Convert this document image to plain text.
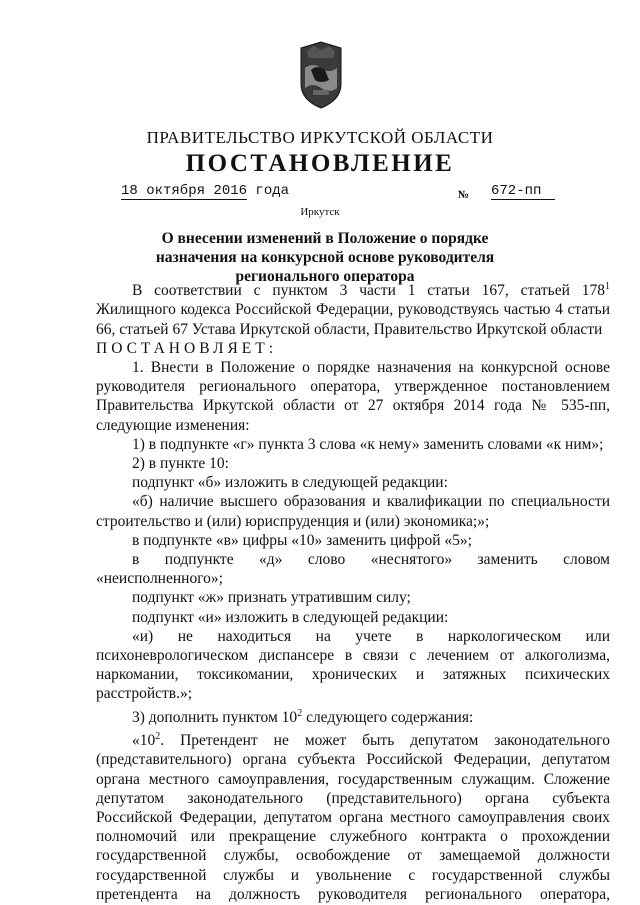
ПРАВИТЕЛЬСТВО ИРКУТСКОЙ ОБЛАСТИ
ПОСТАНОВЛЕНИЕ
18 октября 2016 года	№ 672-пп
Иркутск
О внесении изменений в Положение о порядке назначения на конкурсной основе руководителя регионального оператора

В соответствии с пунктом 3 части 1 статьи 167, статьей $178^1$ Жилищного кодекса Российской Федерации, руководствуясь частью 4 статьи 66, статьей 67 Устава Иркутской области, Правительство Иркутской области

ПОСТАНОВЛЯЕТ:

1. Внести в Положение о порядке назначения на конкурсной основе руководителя регионального оператора, утвержденное постановлением Правительства Иркутской области от 27 октября 2014 года № 535-пп, следующие изменения:

1) в подпункте «г» пункта 3 слова «к нему» заменить словами «к ним»;

2) в пункте 10:

подпункт «б» изложить в следующей редакции:

«б) наличие высшего образования и квалификации по специальности строительство и (или) юриспруденция и (или) экономика;»;

в подпункте «в» цифры «10» заменить цифрой «5»;

в подпункте «д» слово «неснятого» заменить словом «неисполненного»;

подпункт «ж» признать утратившим силу;

подпункт «и» изложить в следующей редакции:

«и) не находиться на учете в наркологическом или психоневрологическом диспансере в связи с лечением от алкоголизма, наркомании, токсикомании, хронических и затяжных психических расстройств.»;

3) дополнить пунктом $10^2$ следующего содержания:

«$10^2$. Претендент не может быть депутатом законодательного (представительного) органа субъекта Российской Федерации, депутатом органа местного самоуправления, государственным служащим. Сложение депутатом законодательного (представительного) органа субъекта Российской Федерации, депутатом органа местного самоуправления своих полномочий или прекращение служебного контракта о прохождении государственной службы, освобождение от замещаемой должности государственной службы и увольнение с государственной службы претендента на должность руководителя регионального оператора,
